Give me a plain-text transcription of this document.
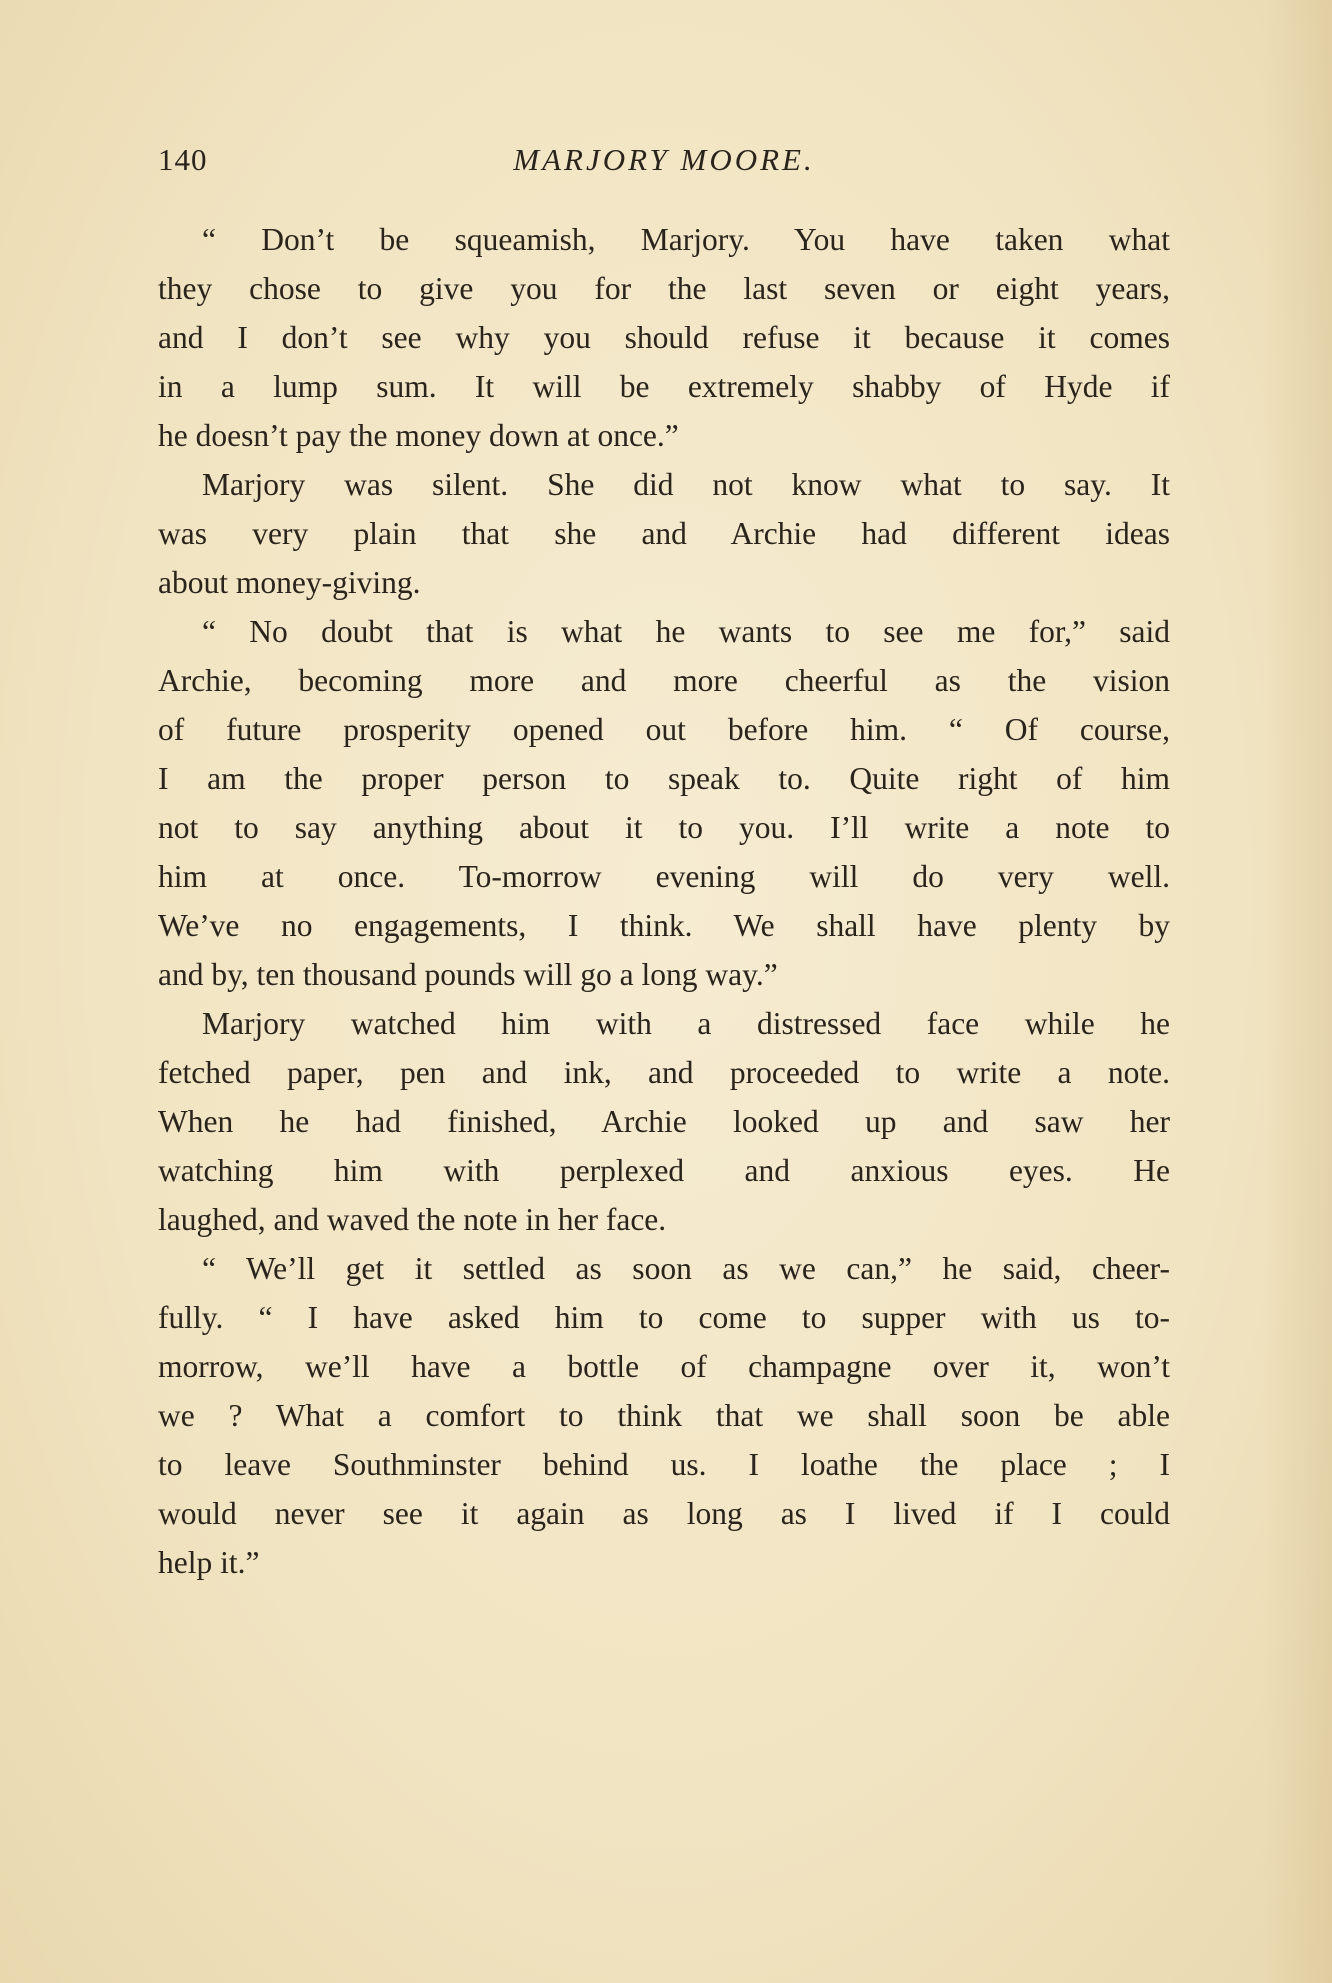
140	MARJORY MOORE.
“ Don’t be squeamish, Marjory. You have taken what
they chose to give you for the last seven or eight years,
and I don’t see why you should refuse it because it comes
in a lump sum. It will be extremely shabby of Hyde if
he doesn’t pay the money down at once.”
Marjory was silent. She did not know what to say. It
was very plain that she and Archie had different ideas
about money-giving.
“ No doubt that is what he wants to see me for,” said
Archie, becoming more and more cheerful as the vision
of future prosperity opened out before him. “ Of course,
I am the proper person to speak to. Quite right of him
not to say anything about it to you. I’ll write a note to
him at once. To-morrow evening will do very well.
We’ve no engagements, I think. We shall have plenty by
and by, ten thousand pounds will go a long way.”
Marjory watched him with a distressed face while he
fetched paper, pen and ink, and proceeded to write a note.
When he had finished, Archie looked up and saw her
watching him with perplexed and anxious eyes. He
laughed, and waved the note in her face.
“ We’ll get it settled as soon as we can,” he said, cheer-
fully. “ I have asked him to come to supper with us to-
morrow, we’ll have a bottle of champagne over it, won’t
we ? What a comfort to think that we shall soon be able
to leave Southminster behind us. I loathe the place ; I
would never see it again as long as I lived if I could
help it.”
